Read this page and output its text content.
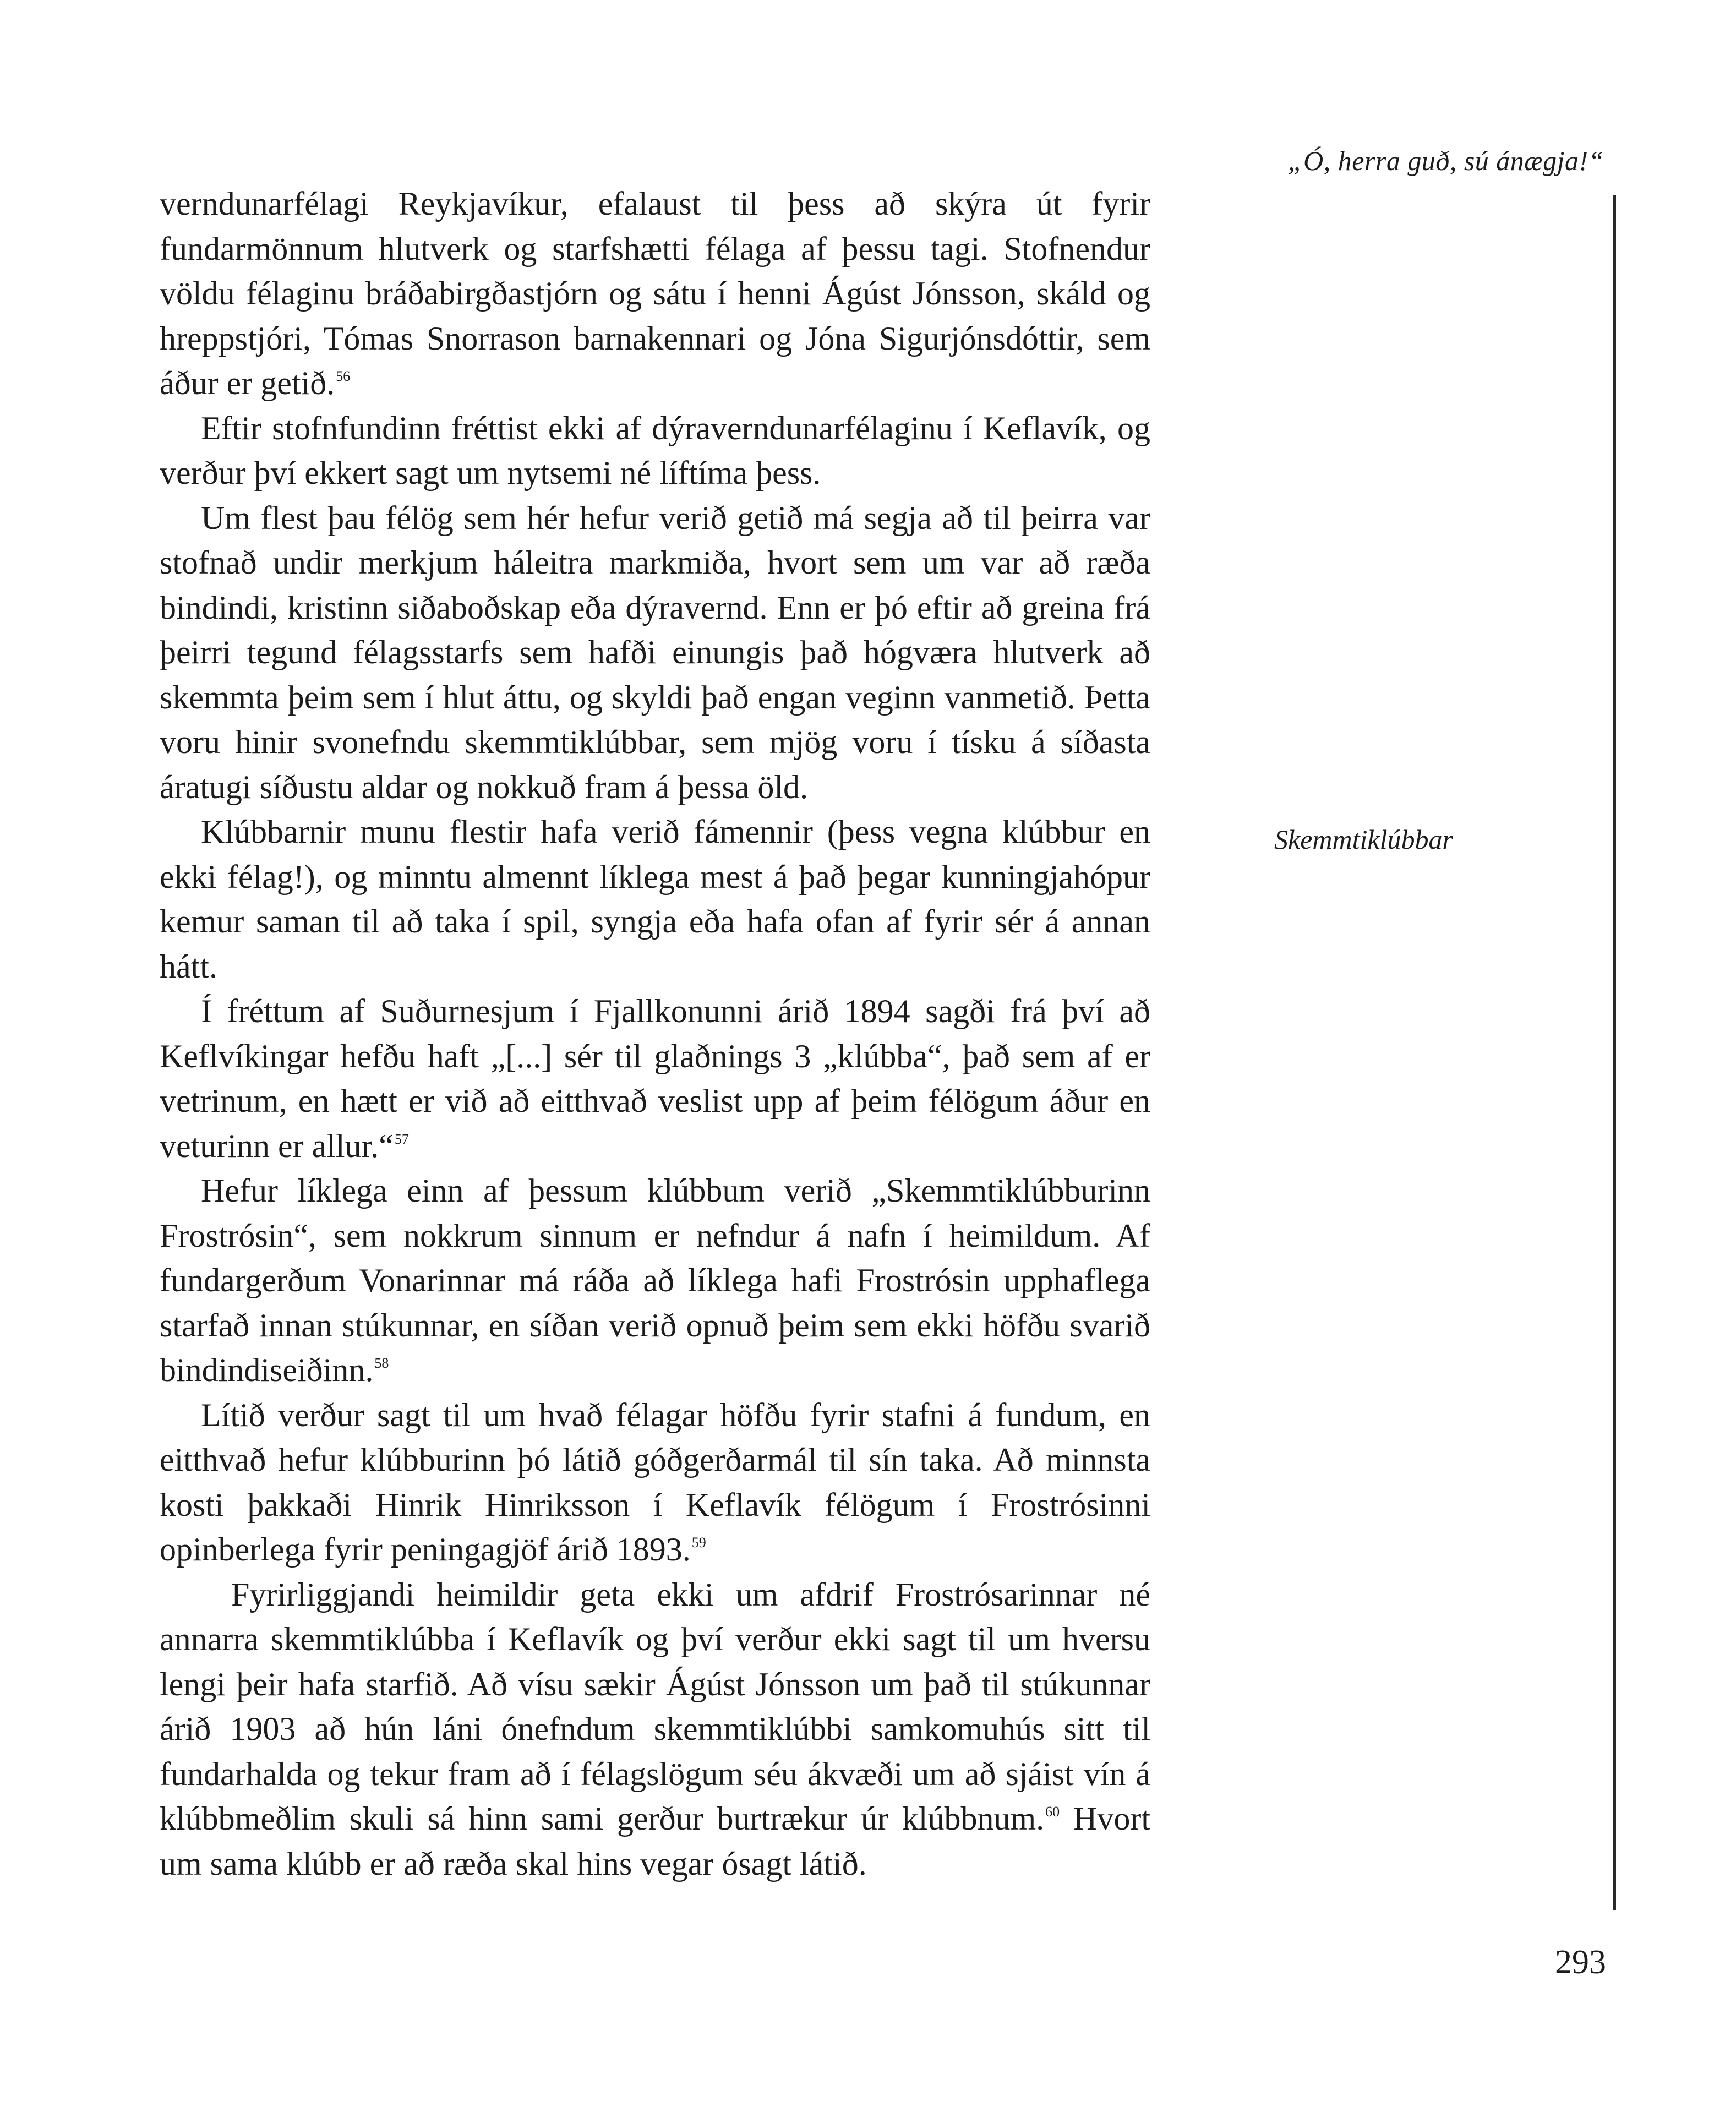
„Ó, herra guð, sú ánægja!“

verndunarfélagi Reykjavíkur, efalaust til þess að skýra út fyrir fundarmönnum hlutverk og starfshætti félaga af þessu tagi. Stofnendur völdu félaginu bráðabirgðastjórn og sátu í henni Ágúst Jónsson, skáld og hreppstjóri, Tómas Snorrason barnakennari og Jóna Sigurjónsdóttir, sem áður er getið.$^{56}$

Eftir stofnfundinn fréttist ekki af dýraverndunarfélaginu í Keflavík, og verður því ekkert sagt um nytsemi né líftíma þess.

Um flest þau félög sem hér hefur verið getið má segja að til þeirra var stofnað undir merkjum háleitra markmiða, hvort sem um var að ræða bindindi, kristinn siðaboðskap eða dýravernd. Enn er þó eftir að greina frá þeirri tegund félagsstarfs sem hafði einungis það hógværa hlutverk að skemmta þeim sem í hlut áttu, og skyldi það engan veginn vanmetið. Þetta voru hinir svonefndu skemmtiklúbbar, sem mjög voru í tísku á síðasta áratugi síðustu aldar og nokkuð fram á þessa öld.

Klúbbarnir munu flestir hafa verið fámennir (þess vegna klúbbur en ekki félag!), og minntu almennt líklega mest á það þegar kunningjahópur kemur saman til að taka í spil, syngja eða hafa ofan af fyrir sér á annan hátt.

Í fréttum af Suðurnesjum í Fjallkonunni árið 1894 sagði frá því að Keflvíkingar hefðu haft „[...] sér til glaðnings 3 „klúbba“, það sem af er vetrinum, en hætt er við að eitthvað veslist upp af þeim félögum áður en veturinn er allur.“$^{57}$

Hefur líklega einn af þessum klúbbum verið „Skemmtiklúbburinn Frostrósin“, sem nokkrum sinnum er nefndur á nafn í heimildum. Af fundargerðum Vonarinnar má ráða að líklega hafi Frostrósin upphaflega starfað innan stúkunnar, en síðan verið opnuð þeim sem ekki höfðu svarið bindindiseiðinn.$^{58}$

Lítið verður sagt til um hvað félagar höfðu fyrir stafni á fundum, en eitthvað hefur klúbburinn þó látið góðgerðarmál til sín taka. Að minnsta kosti þakkaði Hinrik Hinriksson í Keflavík félögum í Frostrósinni opinberlega fyrir peningagjöf árið 1893.59

Fyrirliggjandi heimildir geta ekki um afdrif Frostrósarinnar né annarra skemmtiklúbba í Keflavík og því verður ekki sagt til um hversu lengi þeir hafa starfið. Að vísu sækir Ágúst Jónsson um það til stúkunnar árið 1903 að hún láni ónefndum skemmtiklúbbi samkomuhús sitt til fundarhalda og tekur fram að í félagslögum séu ákvæði um að sjáist vín á klúbbmeðlim skuli sá hinn sami gerður burtrækur úr klúbbnum.$^{60}$ Hvort um sama klúbb er að ræða skal hins vegar ósagt látið.

Skemmtiklúbbar
293
